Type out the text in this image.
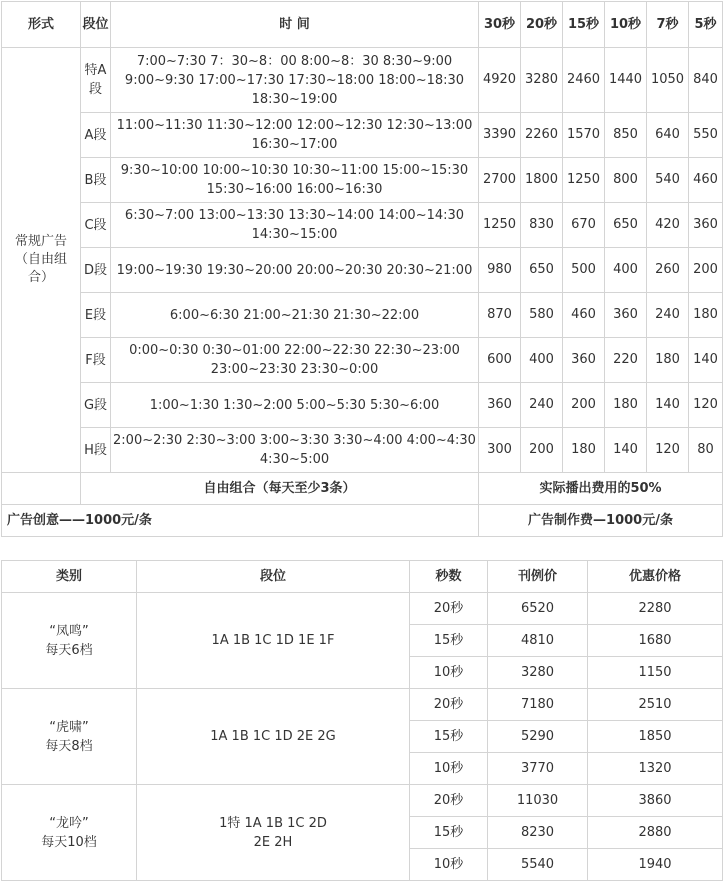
形式	段位	时 间	30秒	20秒	15秒	10秒	7秒	5秒
常规广告（自由组合）	特A段	7:00~7:30 7：30~8：00 8:00~8：30 8:30~9:00 9:00~9:30 17:00~17:30 17:30~18:00 18:00~18:30 18:30~19:00	4920	3280	2460	1440	1050	840
	A段	11:00~11:30 11:30~12:00 12:00~12:30 12:30~13:00 16:30~17:00	3390	2260	1570	850	640	550
	B段	9:30~10:00 10:00~10:30 10:30~11:00 15:00~15:30 15:30~16:00 16:00~16:30	2700	1800	1250	800	540	460
	C段	6:30~7:00 13:00~13:30 13:30~14:00 14:00~14:30 14:30~15:00	1250	830	670	650	420	360
	D段	19:00~19:30 19:30~20:00 20:00~20:30 20:30~21:00	980	650	500	400	260	200
	E段	6:00~6:30 21:00~21:30 21:30~22:00	870	580	460	360	240	180
	F段	0:00~0:30 0:30~01:00 22:00~22:30 22:30~23:00 23:00~23:30 23:30~0:00	600	400	360	220	180	140
	G段	1:00~1:30 1:30~2:00 5:00~5:30 5:30~6:00	360	240	200	180	140	120
	H段	2:00~2:30 2:30~3:00 3:00~3:30 3:30~4:00 4:00~4:30 4:30~5:00	300	200	180	140	120	80
	自由组合（每天至少3条）		实际播出费用的50%					
广告创意——1000元/条			广告制作费—1000元/条					
类别	段位	秒数	刊例价	优惠价格

“凤鸣”
每天6档	1A 1B 1C 1D 1E 1F	20秒	6520	2280
		15秒	4810	1680
		10秒	3280	1150

“虎啸”
每天8档	1A 1B 1C 1D 2E 2G	20秒	7180	2510
		15秒	5290	1850
		10秒	3770	1320

“龙吟”
每天10档	1特 1A 1B 1C 2D 2E 2H	20秒	11030	3860
		15秒	8230	2880
		10秒	5540	1940
